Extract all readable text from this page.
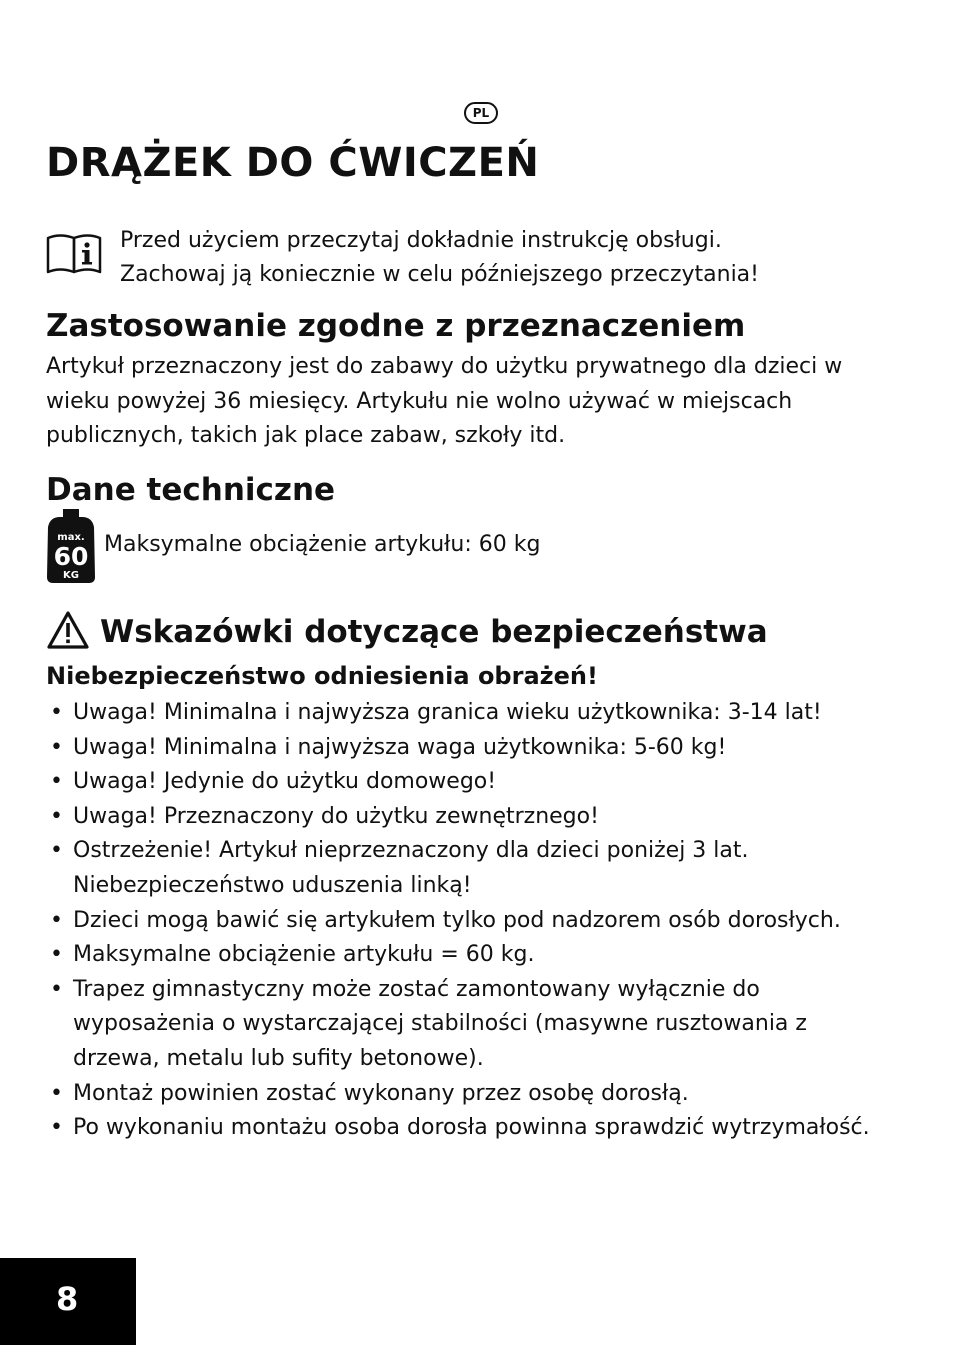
PL
DRĄŻEK DO ĆWICZEŃ
Przed użyciem przeczytaj dokładnie instrukcję obsługi.
Zachowaj ją koniecznie w celu późniejszego przeczytania!
Zastosowanie zgodne z przeznaczeniem
Artykuł przeznaczony jest do zabawy do użytku prywatnego dla dzieci w
wieku powyżej 36 miesięcy. Artykułu nie wolno używać w miejscach
publicznych, takich jak place zabaw, szkoły itd.
Dane techniczne
max.
60
KG
Maksymalne obciążenie artykułu: 60 kg
Wskazówki dotyczące bezpieczeństwa
Niebezpieczeństwo odniesienia obrażeń!
• Uwaga! Minimalna i najwyższa granica wieku użytkownika: 3-14 lat!
• Uwaga! Minimalna i najwyższa waga użytkownika: 5-60 kg!
• Uwaga! Jedynie do użytku domowego!
• Uwaga! Przeznaczony do użytku zewnętrznego!
• Ostrzeżenie! Artykuł nieprzeznaczony dla dzieci poniżej 3 lat.
Niebezpieczeństwo uduszenia linką!
• Dzieci mogą bawić się artykułem tylko pod nadzorem osób dorosłych.
• Maksymalne obciążenie artykułu = 60 kg.
• Trapez gimnastyczny może zostać zamontowany wyłącznie do
wyposażenia o wystarczającej stabilności (masywne rusztowania z
drzewa, metalu lub sufity betonowe).
• Montaż powinien zostać wykonany przez osobę dorosłą.
• Po wykonaniu montażu osoba dorosła powinna sprawdzić wytrzymałość.
8
